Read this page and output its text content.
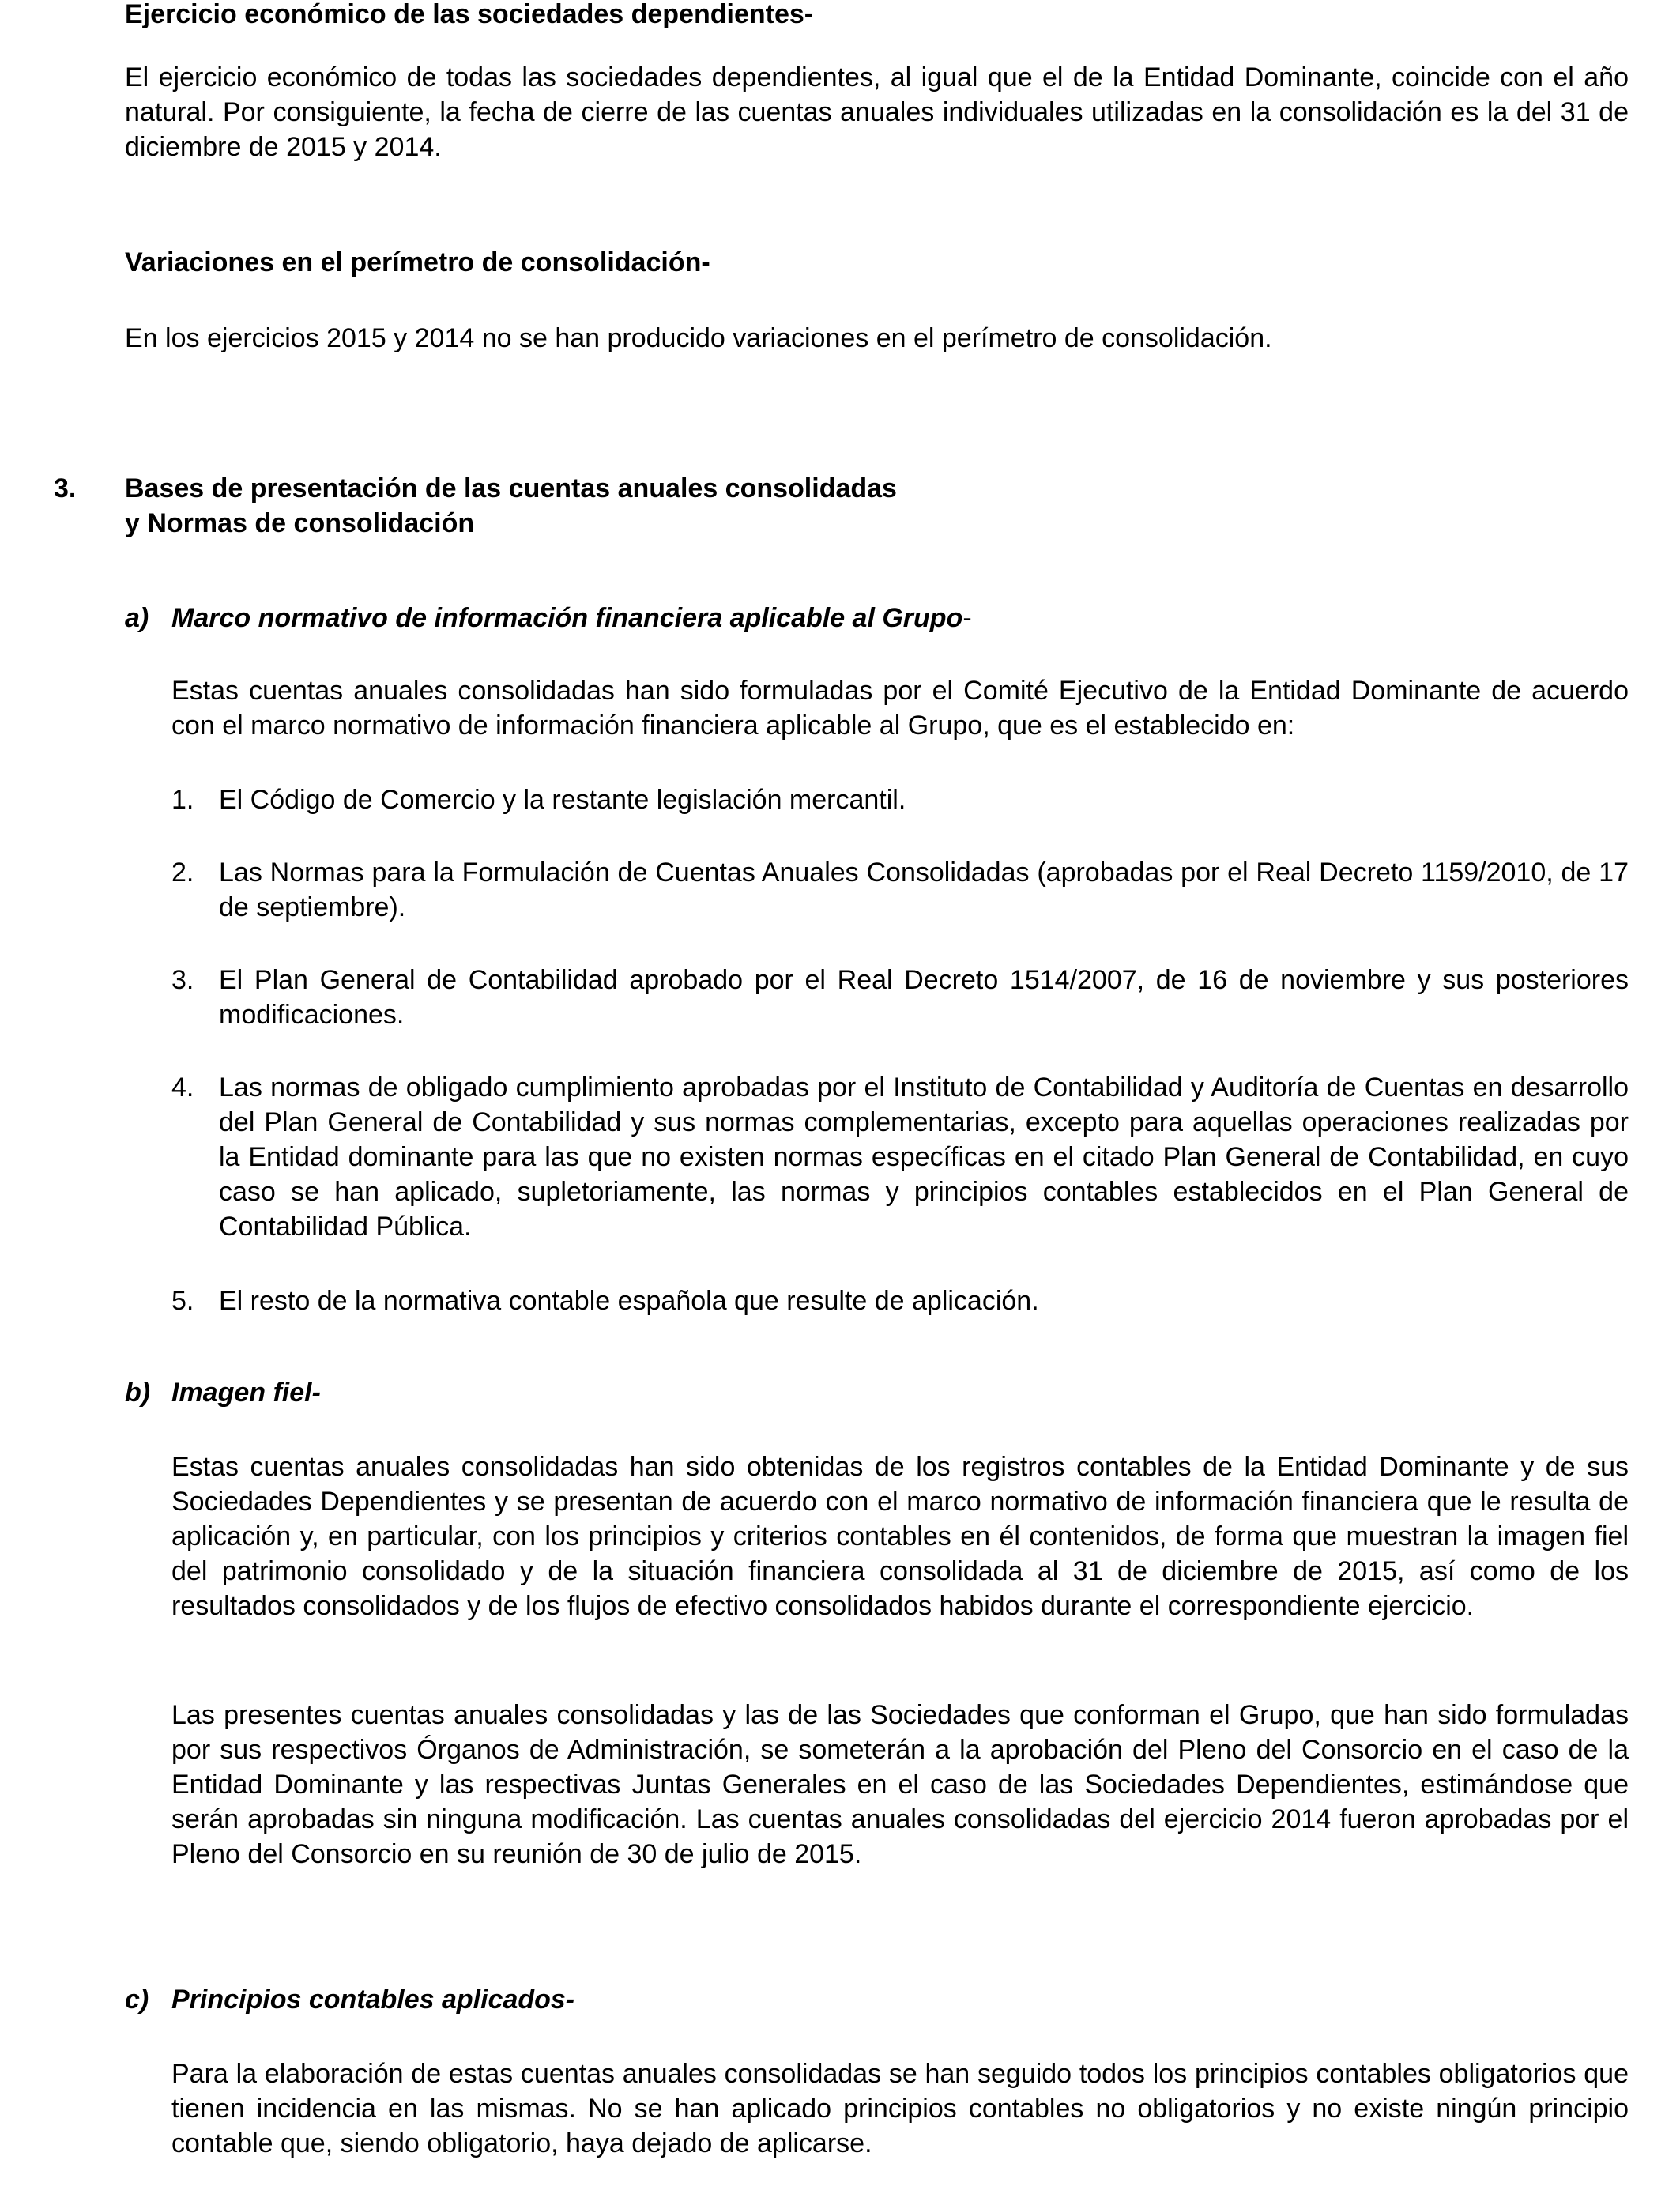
Ejercicio económico de las sociedades dependientes-
El ejercicio económico de todas las sociedades dependientes, al igual que el de la Entidad Dominante, coincide con el año natural. Por consiguiente, la fecha de cierre de las cuentas anuales individuales utilizadas en la consolidación es la del 31 de diciembre de 2015 y 2014.
Variaciones en el perímetro de consolidación-
En los ejercicios 2015 y 2014 no se han producido variaciones en el perímetro de consolidación.
3. Bases de presentación de las cuentas anuales consolidadas
y Normas de consolidación
a) Marco normativo de información financiera aplicable al Grupo-
Estas cuentas anuales consolidadas han sido formuladas por el Comité Ejecutivo de la Entidad Dominante de acuerdo con el marco normativo de información financiera aplicable al Grupo, que es el establecido en:
1. El Código de Comercio y la restante legislación mercantil.
2. Las Normas para la Formulación de Cuentas Anuales Consolidadas (aprobadas por el Real Decreto 1159/2010, de 17 de septiembre).
3. El Plan General de Contabilidad aprobado por el Real Decreto 1514/2007, de 16 de noviembre y sus posteriores modificaciones.
4. Las normas de obligado cumplimiento aprobadas por el Instituto de Contabilidad y Auditoría de Cuentas en desarrollo del Plan General de Contabilidad y sus normas complementarias, excepto para aquellas operaciones realizadas por la Entidad dominante para las que no existen normas específicas en el citado Plan General de Contabilidad, en cuyo caso se han aplicado, supletoriamente, las normas y principios contables establecidos en el Plan General de Contabilidad Pública.
5. El resto de la normativa contable española que resulte de aplicación.
b) Imagen fiel-
Estas cuentas anuales consolidadas han sido obtenidas de los registros contables de la Entidad Dominante y de sus Sociedades Dependientes y se presentan de acuerdo con el marco normativo de información financiera que le resulta de aplicación y, en particular, con los principios y criterios contables en él contenidos, de forma que muestran la imagen fiel del patrimonio consolidado y de la situación financiera consolidada al 31 de diciembre de 2015, así como de los resultados consolidados y de los flujos de efectivo consolidados habidos durante el correspondiente ejercicio.
Las presentes cuentas anuales consolidadas y las de las Sociedades que conforman el Grupo, que han sido formuladas por sus respectivos Órganos de Administración, se someterán a la aprobación del Pleno del Consorcio en el caso de la Entidad Dominante y las respectivas Juntas Generales en el caso de las Sociedades Dependientes, estimándose que serán aprobadas sin ninguna modificación. Las cuentas anuales consolidadas del ejercicio 2014 fueron aprobadas por el Pleno del Consorcio en su reunión de 30 de julio de 2015.
c) Principios contables aplicados-
Para la elaboración de estas cuentas anuales consolidadas se han seguido todos los principios contables obligatorios que tienen incidencia en las mismas. No se han aplicado principios contables no obligatorios y no existe ningún principio contable que, siendo obligatorio, haya dejado de aplicarse.
